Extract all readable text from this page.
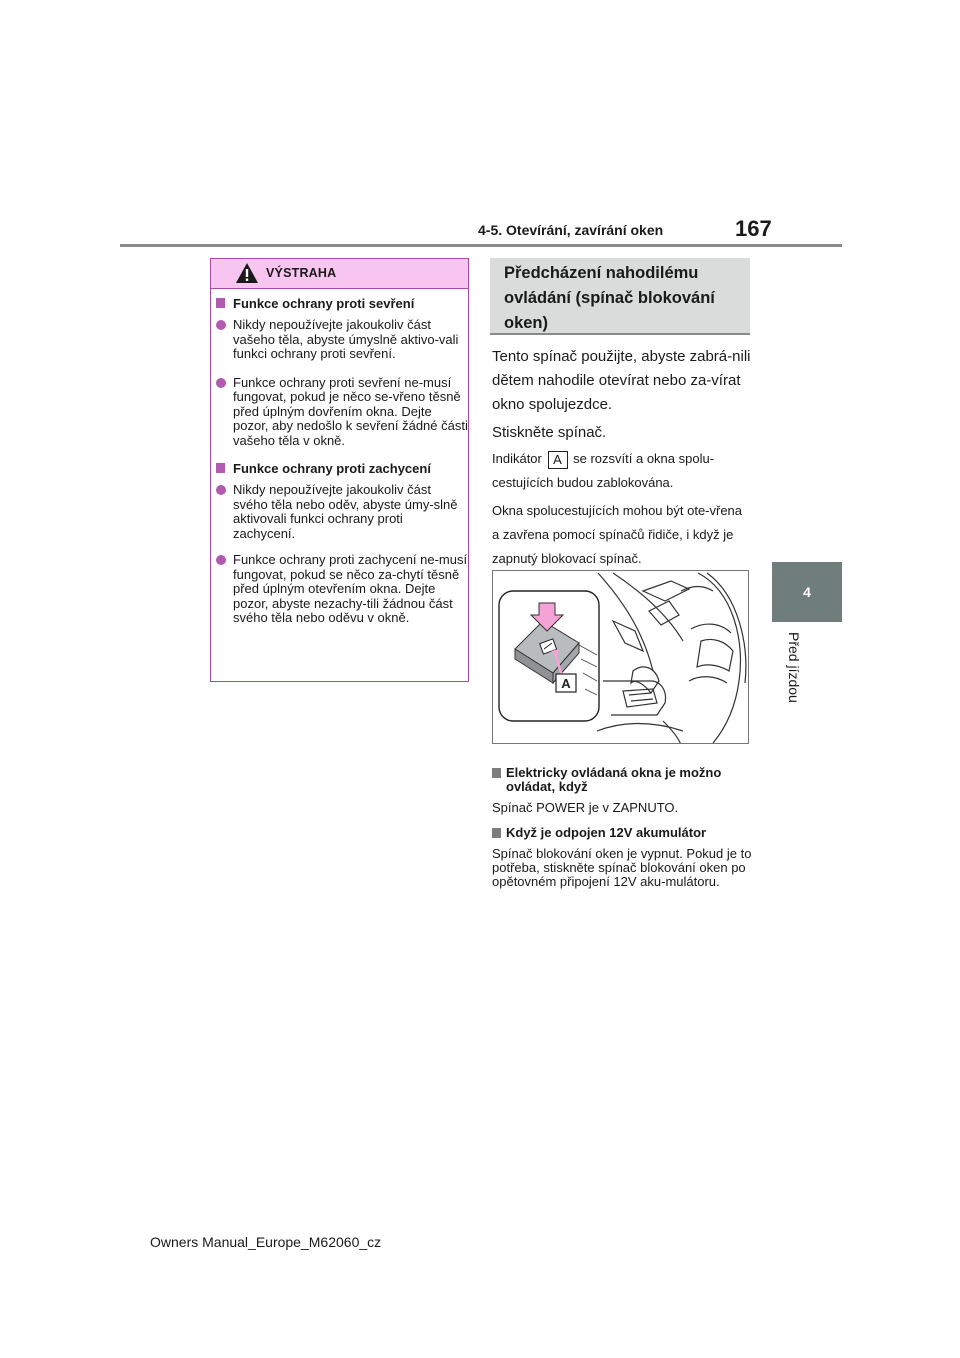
4-5. Otevírání, zavírání oken	167
4
Před jízdou
VÝSTRAHA
Funkce ochrany proti sevření
Nikdy nepoužívejte jakoukoliv část vašeho těla, abyste úmyslně aktivo-vali funkci ochrany proti sevření.
Funkce ochrany proti sevření ne-musí fungovat, pokud je něco se-vřeno těsně před úplným dovřením okna. Dejte pozor, aby nedošlo k sevření žádné části vašeho těla v okně.
Funkce ochrany proti zachycení
Nikdy nepoužívejte jakoukoliv část svého těla nebo oděv, abyste úmy-slně aktivovali funkci ochrany proti zachycení.
Funkce ochrany proti zachycení ne-musí fungovat, pokud se něco za-chytí těsně před úplným otevřením okna. Dejte pozor, abyste nezachy-tili žádnou část svého těla nebo oděvu v okně.
Předcházení nahodilému ovládání (spínač blokování oken)
Tento spínač použijte, abyste zabrá-nili dětem nahodile otevírat nebo za-vírat okno spolujezdce.
Stiskněte spínač.
Indikátor A se rozsvítí a okna spolu-cestujících budou zablokována.
Okna spolucestujících mohou být ote-vřena a zavřena pomocí spínačů řidiče, i když je zapnutý blokovací spínač.
A
Elektricky ovládaná okna je možno ovládat, když
Spínač POWER je v ZAPNUTO.
Když je odpojen 12V akumulátor
Spínač blokování oken je vypnut. Pokud je to potřeba, stiskněte spínač blokování oken po opětovném připojení 12V aku-mulátoru.
Owners Manual_Europe_M62060_cz
